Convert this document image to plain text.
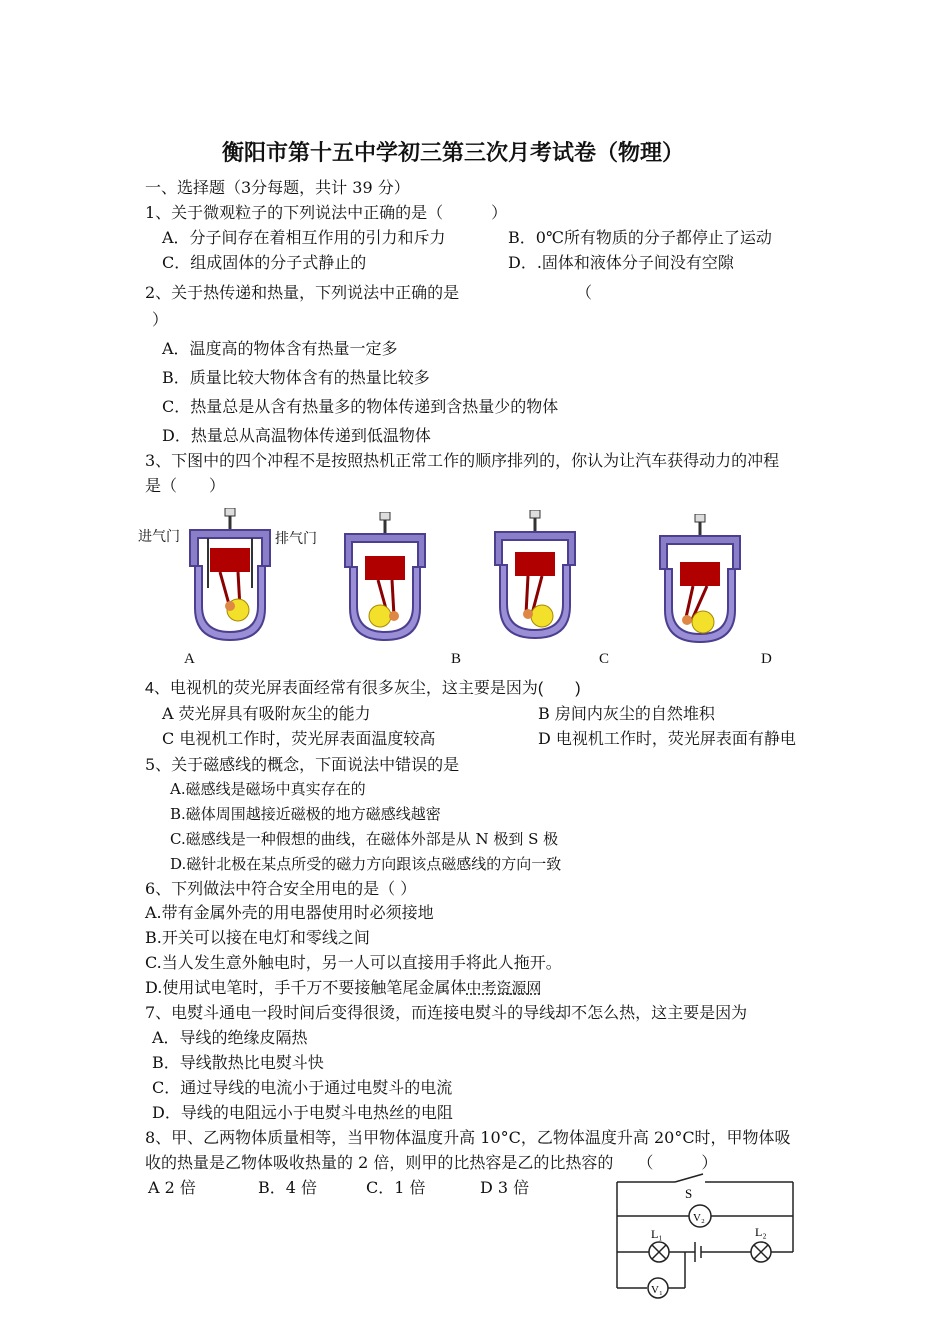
衡阳市第十五中学初三第三次月考试卷（物理）
一、选择题（3分每题，共计 39 分）
1、关于微观粒子的下列说法中正确的是（　　　）
A．分子间存在着相互作用的引力和斥力	B．0℃所有物质的分子都停止了运动
C．组成固体的分子式静止的	D．.固体和液体分子间没有空隙
2、关于热传递和热量，下列说法中正确的是	（
）
A．温度高的物体含有热量一定多
B．质量比较大物体含有的热量比较多
C．热量总是从含有热量多的物体传递到含热量少的物体
D．热量总从高温物体传递到低温物体
3、下图中的四个冲程不是按照热机正常工作的顺序排列的，你认为让汽车获得动力的冲程
是（　　）
进气门	排气门
A	B	C	D
4、电视机的荧光屏表面经常有很多灰尘，这主要是因为(　　)
A 荧光屏具有吸附灰尘的能力	B 房间内灰尘的自然堆积
C 电视机工作时，荧光屏表面温度较高	D 电视机工作时，荧光屏表面有静电
5、关于磁感线的概念，下面说法中错误的是
A.磁感线是磁场中真实存在的
B.磁体周围越接近磁极的地方磁感线越密
C.磁感线是一种假想的曲线，在磁体外部是从 N 极到 S 极
D.磁针北极在某点所受的磁力方向跟该点磁感线的方向一致
6、下列做法中符合安全用电的是（ ）
A.带有金属外壳的用电器使用时必须接地
B.开关可以接在电灯和零线之间
C.当人发生意外触电时，另一人可以直接用手将此人拖开。
D.使用试电笔时，手千万不要接触笔尾金属体中考资源网
7、电熨斗通电一段时间后变得很烫，而连接电熨斗的导线却不怎么热，这主要是因为
A．导线的绝缘皮隔热
B．导线散热比电熨斗快
C．通过导线的电流小于通过电熨斗的电流
D．导线的电阻远小于电熨斗电热丝的电阻
8、甲、乙两物体质量相等，当甲物体温度升高 10°C，乙物体温度升高 20°C时，甲物体吸
收的热量是乙物体吸收热量的 2 倍，则甲的比热容是乙的比热容的　　（　　　）
A 2 倍	B．4 倍	C．1 倍	D 3 倍	S
V₂
L₁	L₂
V₁
